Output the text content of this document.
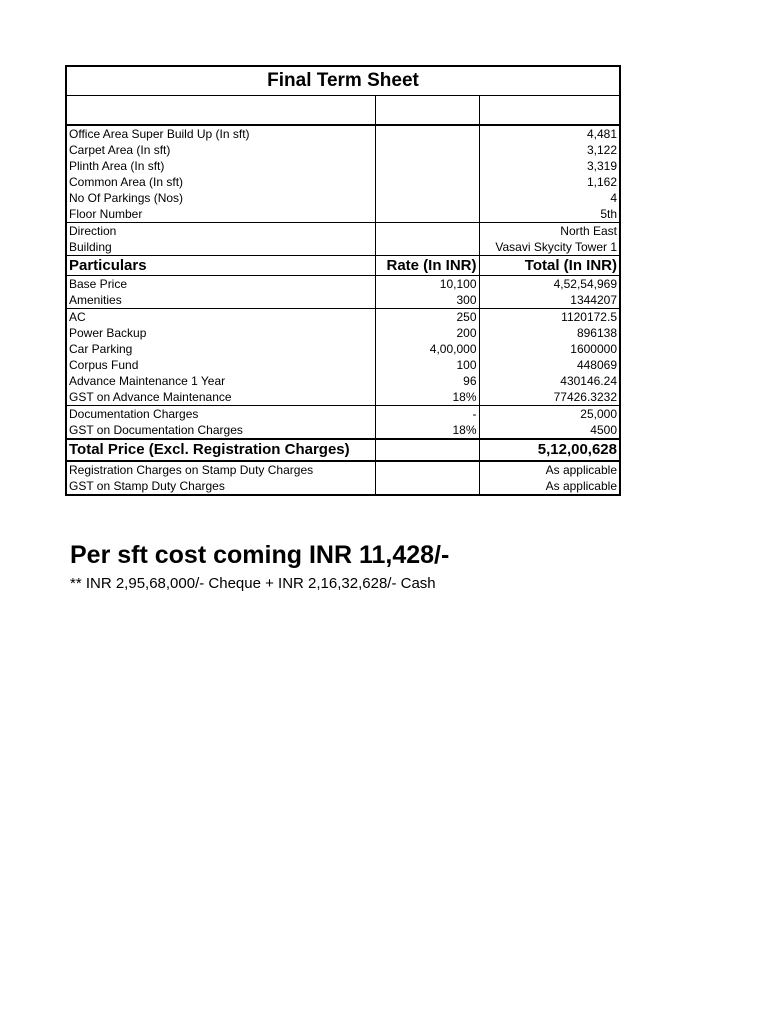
Final Term Sheet		

Office Area Super Build Up (In sft)		4,481
Carpet Area (In sft)		3,122
Plinth Area (In sft)		3,319
Common Area (In sft)		1,162
No Of Parkings (Nos)		4
Floor Number		5th
Direction		North East
Building		Vasavi Skycity Tower 1
Particulars	Rate (In INR)	Total (In INR)
Base Price	10,100	4,52,54,969
Amenities	300	1344207
AC	250	1120172.5
Power Backup	200	896138
Car Parking	4,00,000	1600000
Corpus Fund	100	448069
Advance Maintenance 1 Year	96	430146.24
GST on Advance Maintenance	18%	77426.3232
Documentation Charges	-	25,000
GST on Documentation Charges	18%	4500
Total Price (Excl. Registration Charges)		5,12,00,628
Registration Charges on Stamp Duty Charges		As applicable
GST on Stamp Duty Charges		As applicable
Per sft cost coming INR 11,428/-
** INR 2,95,68,000/- Cheque + INR 2,16,32,628/- Cash
